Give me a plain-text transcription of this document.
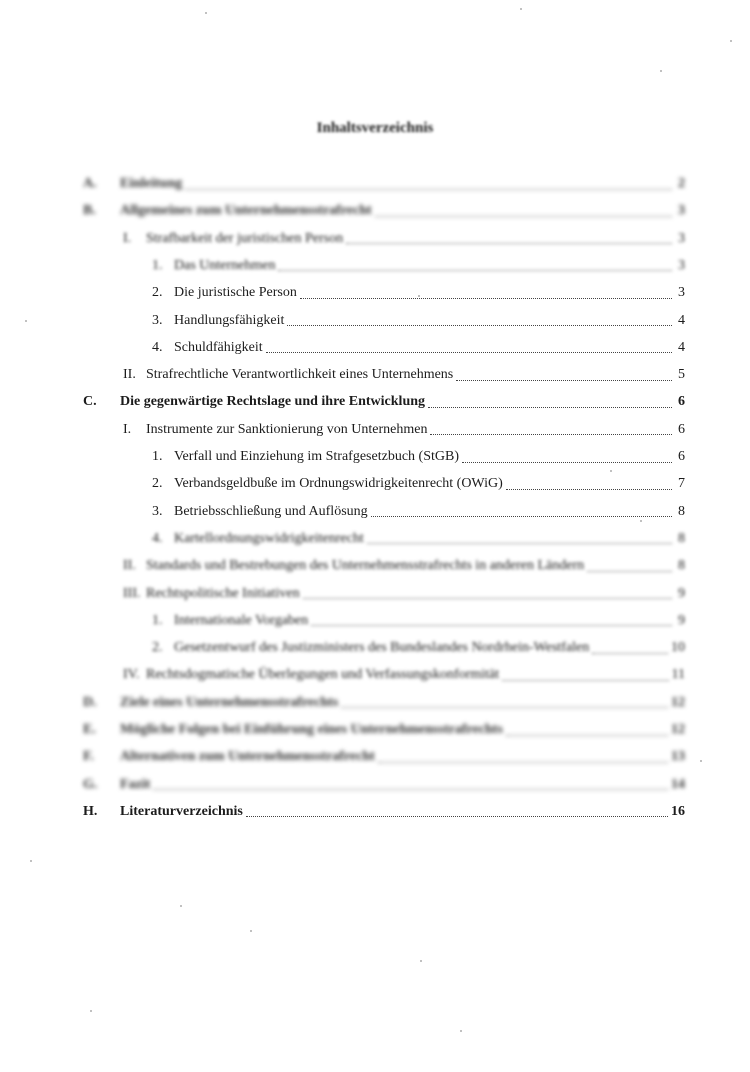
Inhaltsverzeichnis
A.	Einleitung	2
B.	Allgemeines zum Unternehmensstrafrecht	3
I.	Strafbarkeit der juristischen Person	3
1. Das Unternehmen	3
2. Die juristische Person	3
3. Handlungsfähigkeit	4
4. Schuldfähigkeit	4
II. Strafrechtliche Verantwortlichkeit eines Unternehmens	5
C.	Die gegenwärtige Rechtslage und ihre Entwicklung	6
I.	Instrumente zur Sanktionierung von Unternehmen	6
1. Verfall und Einziehung im Strafgesetzbuch (StGB)	6
2. Verbandsgeldbuße im Ordnungswidrigkeitenrecht (OWiG)	7
3. Betriebsschließung und Auflösung	8
4. Kartellordnungswidrigkeitenrecht	8
II. Standards und Bestrebungen des Unternehmensstrafrechts in anderen Ländern	8
III. Rechtspolitische Initiativen	9
1. Internationale Vorgaben	9
2. Gesetzentwurf des Justizministers des Bundeslandes Nordrhein-Westfalen	10
IV. Rechtsdogmatische Überlegungen und Verfassungskonformität	11
D.	Ziele eines Unternehmensstrafrechts	12
E.	Mögliche Folgen bei Einführung eines Unternehmensstrafrechts	12
F.	Alternativen zum Unternehmensstrafrecht	13
G.	Fazit	14
H.	Literaturverzeichnis	16
